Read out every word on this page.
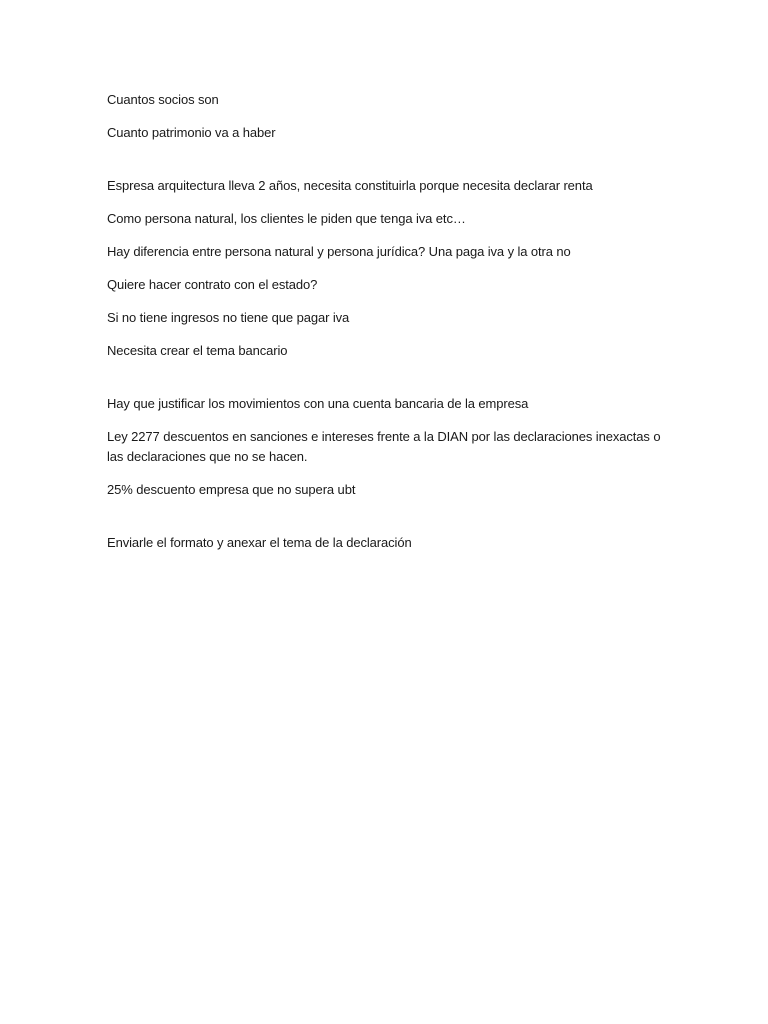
Cuantos socios son

Cuanto patrimonio va a haber

Espresa arquitectura lleva 2 años, necesita constituirla porque necesita declarar renta

Como persona natural, los clientes le piden que tenga iva etc…

Hay diferencia entre persona natural y persona jurídica? Una paga iva y la otra no

Quiere hacer contrato con el estado?

Si no tiene ingresos no tiene que pagar iva

Necesita crear el tema bancario

Hay que justificar los movimientos con una cuenta bancaria de la empresa

Ley 2277 descuentos en sanciones e intereses frente a la DIAN por las declaraciones inexactas o las declaraciones que no se hacen.

25% descuento empresa que no supera ubt

Enviarle el formato y anexar el tema de la declaración
